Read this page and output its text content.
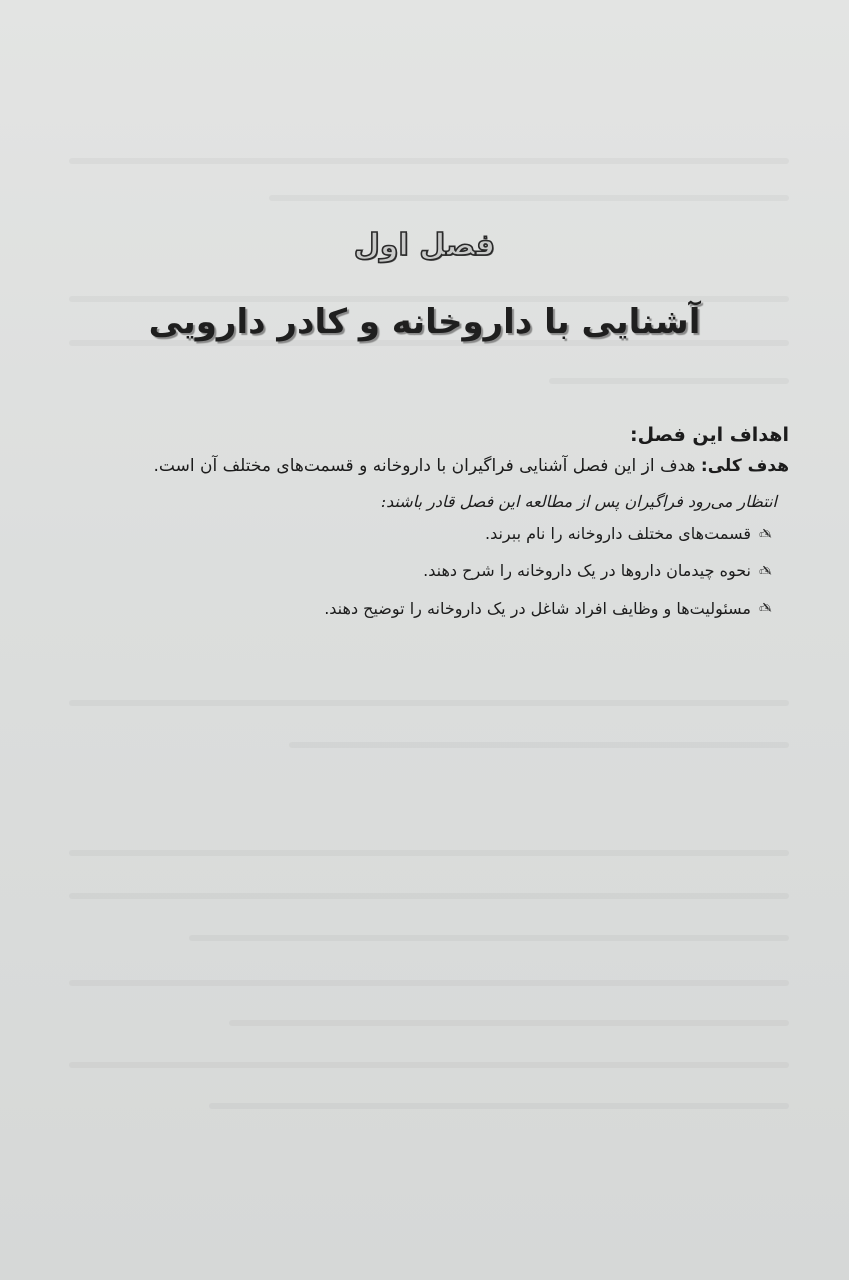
فصل اول
آشنایی با داروخانه و کادر دارویی
اهداف این فصل:
هدف کلی: هدف از این فصل آشنایی فراگیران با داروخانه و قسمت‌های مختلف آن است.
انتظار می‌رود فراگیران پس از مطالعه این فصل قادر باشند:
✍
قسمت‌های مختلف داروخانه را نام ببرند.
✍
نحوه چیدمان داروها در یک داروخانه را شرح دهند.
✍
مسئولیت‌ها و وظایف افراد شاغل در یک داروخانه را توضیح دهند.
